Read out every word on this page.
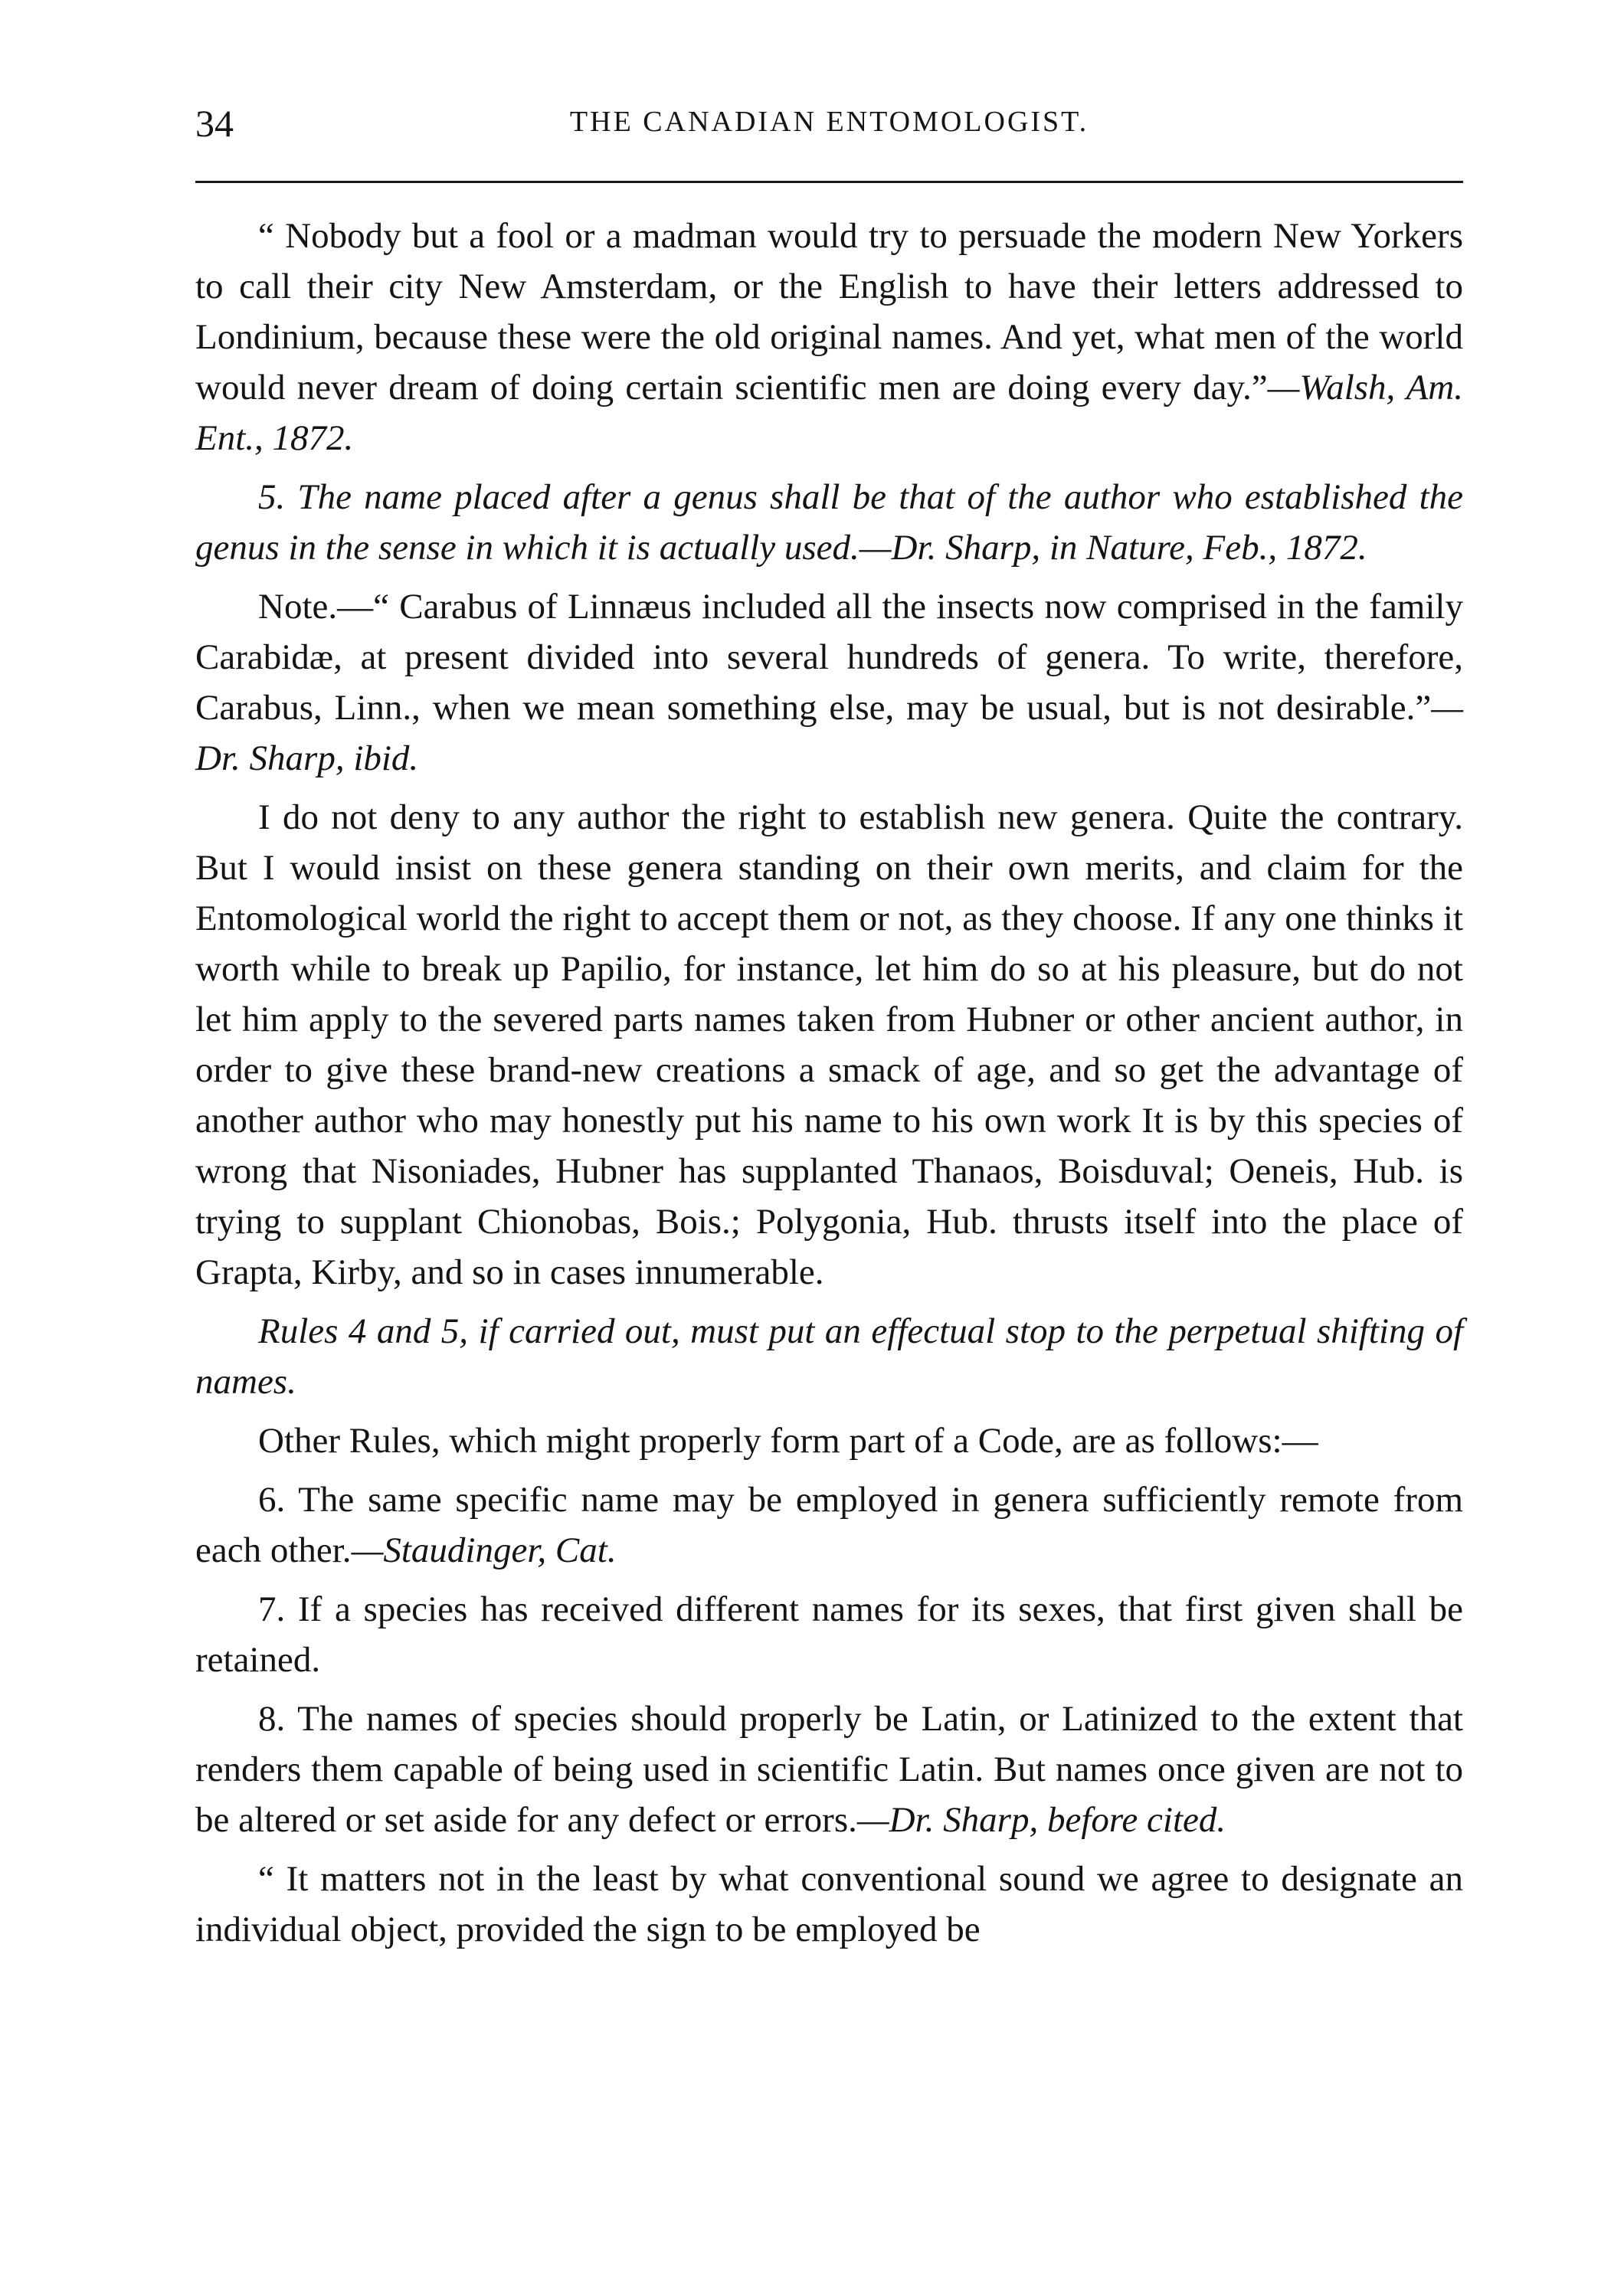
34	THE CANADIAN ENTOMOLOGIST.

“ Nobody but a fool or a madman would try to persuade the modern New Yorkers to call their city New Amsterdam, or the English to have their letters addressed to Londinium, because these were the old original names. And yet, what men of the world would never dream of doing certain scientific men are doing every day.”—Walsh, Am. Ent., 1872.

5. The name placed after a genus shall be that of the author who established the genus in the sense in which it is actually used.—Dr. Sharp, in Nature, Feb., 1872.

Note.—“ Carabus of Linnæus included all the insects now comprised in the family Carabidæ, at present divided into several hundreds of genera. To write, therefore, Carabus, Linn., when we mean something else, may be usual, but is not desirable.”—Dr. Sharp, ibid.

I do not deny to any author the right to establish new genera. Quite the contrary. But I would insist on these genera standing on their own merits, and claim for the Entomological world the right to accept them or not, as they choose. If any one thinks it worth while to break up Papilio, for instance, let him do so at his pleasure, but do not let him apply to the severed parts names taken from Hubner or other ancient author, in order to give these brand-new creations a smack of age, and so get the advantage of another author who may honestly put his name to his own work It is by this species of wrong that Nisoniades, Hubner has supplanted Thanaos, Boisduval; Oeneis, Hub. is trying to supplant Chionobas, Bois.; Polygonia, Hub. thrusts itself into the place of Grapta, Kirby, and so in cases innumerable.

Rules 4 and 5, if carried out, must put an effectual stop to the perpetual shifting of names.

Other Rules, which might properly form part of a Code, are as follows:—

6. The same specific name may be employed in genera sufficiently remote from each other.—Staudinger, Cat.

7. If a species has received different names for its sexes, that first given shall be retained.

8. The names of species should properly be Latin, or Latinized to the extent that renders them capable of being used in scientific Latin. But names once given are not to be altered or set aside for any defect or errors.—Dr. Sharp, before cited.

“ It matters not in the least by what conventional sound we agree to designate an individual object, provided the sign to be employed be
